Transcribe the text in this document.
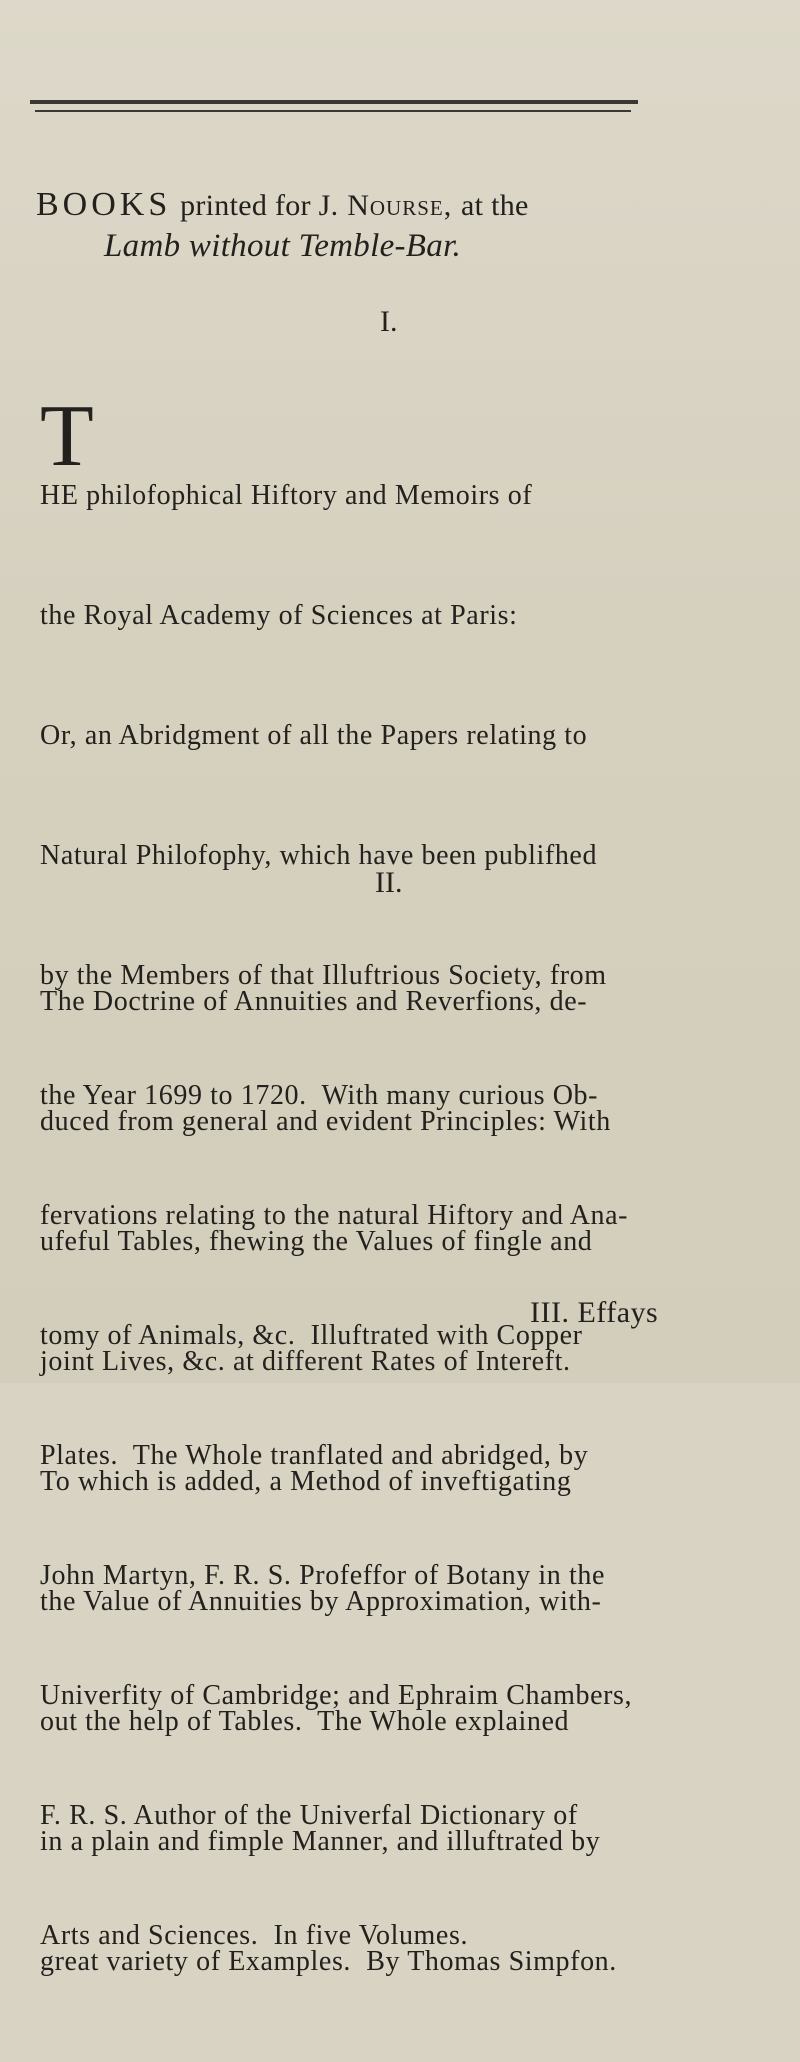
BOOKS printed for J. Nourse, at the
Lamb without Temble-Bar.
I.

T

HE philofophical Hiftory and Memoirs of

the Royal Academy of Sciences at Paris:

Or, an Abridgment of all the Papers relating to

Natural Philofophy, which have been publifhed

by the Members of that Illuftrious Society, from

the Year 1699 to 1720.  With many curious Ob-

fervations relating to the natural Hiftory and Ana-

tomy of Animals, &c.  Illuftrated with Copper

Plates.  The Whole tranflated and abridged, by

John Martyn, F. R. S. Profeffor of Botany in the

Univerfity of Cambridge; and Ephraim Chambers,

F. R. S. Author of the Univerfal Dictionary of

Arts and Sciences.  In five Volumes.

II.

The Doctrine of Annuities and Reverfions, de-

duced from general and evident Principles: With

ufeful Tables, fhewing the Values of fingle and

joint Lives, &c. at different Rates of Intereft.

To which is added, a Method of inveftigating

the Value of Annuities by Approximation, with-

out the help of Tables.  The Whole explained

in a plain and fimple Manner, and illuftrated by

great variety of Examples.  By Thomas Simpfon.

III. Effays
